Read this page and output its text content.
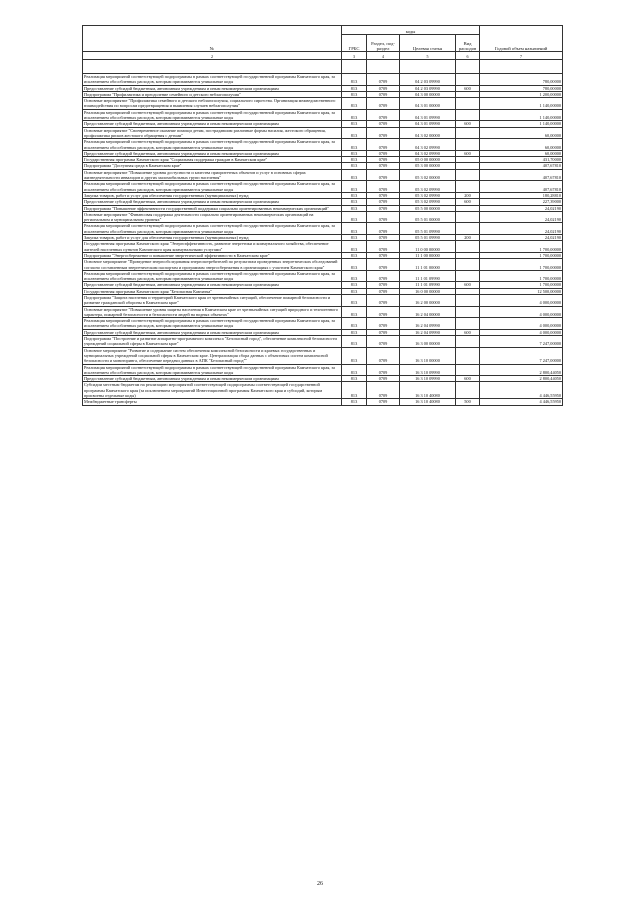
№	коды				Годовой объем назначений
	ГРБС	Раздел, под-раздел	Целевая статья	Вид расходов	
2	3	4	5	6	7

Реализация мероприятий соответствующей подпрограммы в рамках соответствующей государственной программы Камчатского края, за исключением обособленных расходов, которым присваиваются уникальные коды	813	0709	04 2 03 09990		780,00000
Предоставление субсидий бюджетным, автономным учреждениям и иным некоммерческим организациям	813	0709	04 2 03 09990	600	780,00000
Подпрограмма "Профилактика и преодоление семейного и детского неблагополучия"	813	0709	04 3 00 00000		1 200,00000
Основные мероприятие "Профилактика семейного и детского неблагополучия, социального сиротства. Организация межведомственного взаимодействия по вопросам предотвращения и выявления случаев неблагополучия"	813	0709	04 3 01 00000		1 140,00000
Реализация мероприятий соответствующей подпрограммы в рамках соответствующей государственной программы Камчатского края, за исключением обособленных расходов, которым присваиваются уникальные коды	813	0709	04 3 01 09990		1 140,00000
Предоставление субсидий бюджетным, автономным учреждениям и иным некоммерческим организациям	813	0709	04 3 01 09990	600	1 140,00000
Основные мероприятие "Своевременное оказание помощи детям, пострадавшим различные формы насилия, жестокого обращения, профилактика рисков жестокого обращения с детьми"	813	0709	04 3 02 00000		60,00000
Реализация мероприятий соответствующей подпрограммы в рамках соответствующей государственной программы Камчатского края, за исключением обособленных расходов, которым присваиваются уникальные коды	813	0709	04 3 02 09990		60,00000
Предоставление субсидий бюджетным, автономным учреждениям и иным некоммерческим организациям	813	0709	04 3 02 09990	600	60,00000
Государственная программа Камчатского края "Социальная поддержка граждан в Камчатском крае"	813	0709	05 0 00 00000		431,70000
Подпрограмма "Доступная среда в Камчатском крае"	813	0709	05 3 00 00000		407,67810
Основные мероприятие "Повышение уровня доступности и качества приоритетных объектов и услуг в основных сферах жизнедеятельности инвалидов и других маломобильных групп населения"	813	0709	05 3 02 00000		407,67810
Реализация мероприятий соответствующей подпрограммы в рамках соответствующей государственной программы Камчатского края, за исключением обособленных расходов, которым присваиваются уникальные коды	813	0709	05 3 02 09990		407,67810
Закупка товаров, работ и услуг для обеспечения государственных (муниципальных) нужд	813	0709	05 3 02 09990	200	180,28810
Предоставление субсидий бюджетным, автономным учреждениям и иным некоммерческим организациям	813	0709	05 3 02 09990	600	227,39000
Подпрограмма "Повышение эффективности государственной поддержки социально ориентированных некоммерческих организаций"	813	0709	05 5 00 00000		24,02190
Основные мероприятие "Финансовая поддержка деятельности социально ориентированных некоммерческих организаций на региональном и муниципальном уровнях"	813	0709	05 5 01 00000		24,02190
Реализация мероприятий соответствующей подпрограммы в рамках соответствующей государственной программы Камчатского края, за исключением обособленных расходов, которым присваиваются уникальные коды	813	0709	05 5 01 09990		24,02190
Закупка товаров, работ и услуг для обеспечения государственных (муниципальных) нужд	813	0709	05 5 01 09990	200	24,02190
Государственная программа Камчатского края "Энергоэффективность, развитие энергетики и коммунального хозяйства, обеспечение жителей населенных пунктов Камчатского края коммунальными услугами"	813	0709	11 0 00 00000		1 700,00000
Подпрограмма "Энергосбережение и повышение энергетической эффективности в Камчатском крае"	813	0709	11 1 00 00000		1 700,00000
Основное мероприятие "Проведение энергообследования энергопотребителей по результатам проведенных энергетических обследований согласно составленным энергетическим паспортам и программам энергосбережения в организациях с участием Камчатского края"	813	0709	11 1 01 00000		1 700,00000
Реализация мероприятий соответствующей подпрограммы в рамках соответствующей государственной программы Камчатского края, за исключением обособленных расходов, которым присваиваются уникальные коды	813	0709	11 1 01 09990		1 700,00000
Предоставление субсидий бюджетным, автономным учреждениям и иным некоммерческим организациям	813	0709	11 1 01 09990	600	1 700,00000
Государственная программа Камчатского края "Безопасная Камчатка"	813	0709	16 0 00 00000		12 500,00000
Подпрограмма "Защита населения и территорий Камчатского края от чрезвычайных ситуаций, обеспечение пожарной безопасности и развитие гражданской обороны в Камчатском крае"	813	0709	16 2 00 00000		4 000,00000
Основные мероприятие "Повышение уровня защиты населения в Камчатском крае от чрезвычайных ситуаций природного и техногенного характера, пожарной безопасности и безопасности людей на водных объектах"	813	0709	16 2 04 00000		4 000,00000
Реализация мероприятий соответствующей подпрограммы в рамках соответствующей государственной программы Камчатского края, за исключением обособленных расходов, которым присваиваются уникальные коды	813	0709	16 2 04 09990		4 000,00000
Предоставление субсидий бюджетным, автономным учреждениям и иным некоммерческим организациям	813	0709	16 2 04 09990	600	4 000,00000
Подпрограмма "Построение и развитие аппаратно-программного комплекса "Безопасный город", обеспечение комплексной безопасности учреждений социальной сферы в Камчатском крае"	813	0709	16 3 00 00000		7 247,00000
Основное мероприятие "Развитие и содержание систем обеспечения комплексной безопасности и краевых государственных и муниципальных учреждений социальной сферы в Камчатском крае. Централизация сбора данных с объектовых систем комплексной безопасности и мониторинга, обеспечение передачи данных в АПК "Безопасный город""	813	0709	16 3 10 00000		7 247,00000
Реализация мероприятий соответствующей подпрограммы в рамках соответствующей государственной программы Камчатского края, за исключением обособленных расходов, которым присваиваются уникальные коды	813	0709	16 3 10 09990		2 800,44050
Предоставление субсидий бюджетным, автономным учреждениям и иным некоммерческим организациям	813	0709	16 3 10 09990	600	2 800,44050
Субсидии местным бюджетам на реализацию мероприятий соответствующей подпрограммы соответствующей государственной программы Камчатского края (за исключением мероприятий Инвестиционной программы Камчатского края и субсидий, которым присвоены отдельные коды)	813	0709	16 3 10 40080		4 446,55950
Межбюджетные трансферты	813	0709	16 3 10 40080	500	4 446,55950
26
